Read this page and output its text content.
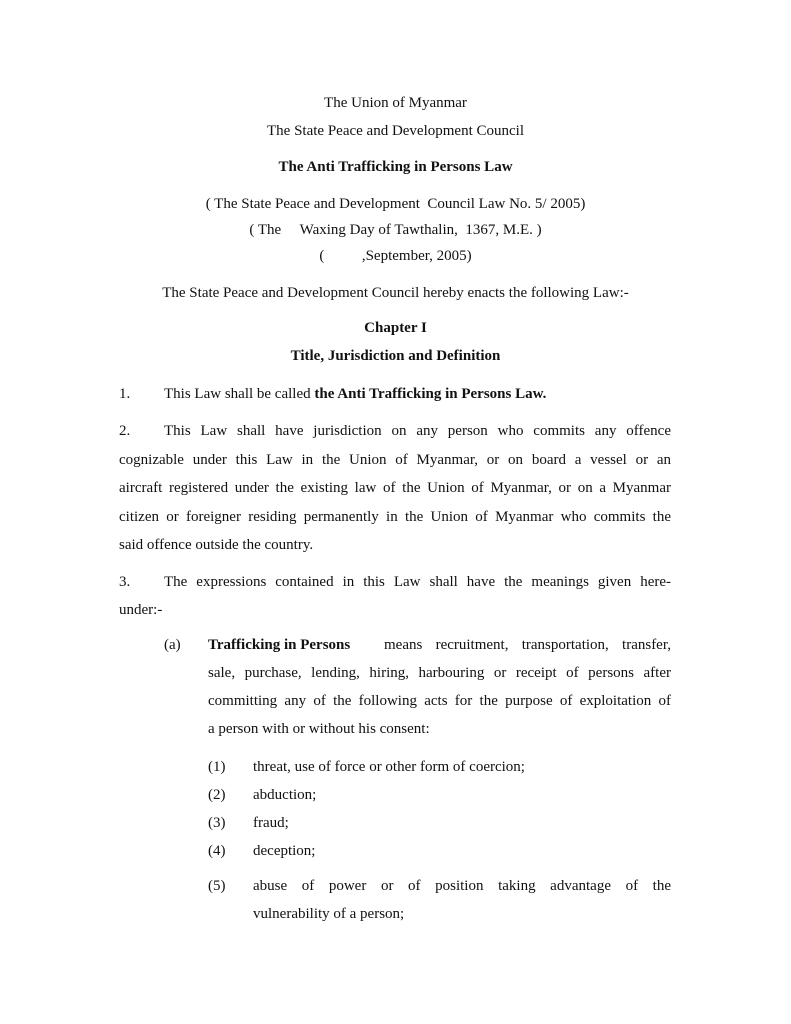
The Union of Myanmar
The State Peace and Development Council
The Anti Trafficking in Persons Law
( The State Peace and Development  Council Law No. 5/ 2005)
( The     Waxing Day of Tawthalin,  1367, M.E. )
(          ,September, 2005)
The State Peace and Development Council hereby enacts the following Law:-
Chapter I
Title, Jurisdiction and Definition
1. This Law shall be called the Anti Trafficking in Persons Law.
2. This Law shall have jurisdiction on any person who commits any offence
cognizable under this Law in the Union of Myanmar, or on board a vessel or an
aircraft registered under the existing law of the Union of Myanmar, or on a Myanmar
citizen or foreigner residing permanently in the Union of Myanmar who commits the
said offence outside the country.
3. The expressions contained in this Law shall have the meanings given here-
under:-
(a) Trafficking in Persons means recruitment, transportation, transfer,
sale, purchase, lending, hiring, harbouring or receipt of persons after
committing any of the following acts for the purpose of exploitation of
a person with or without his consent:
(1) threat, use of force or other form of coercion;
(2) abduction;
(3) fraud;
(4) deception;
(5) abuse of power or of position taking advantage of the
vulnerability of a person;
